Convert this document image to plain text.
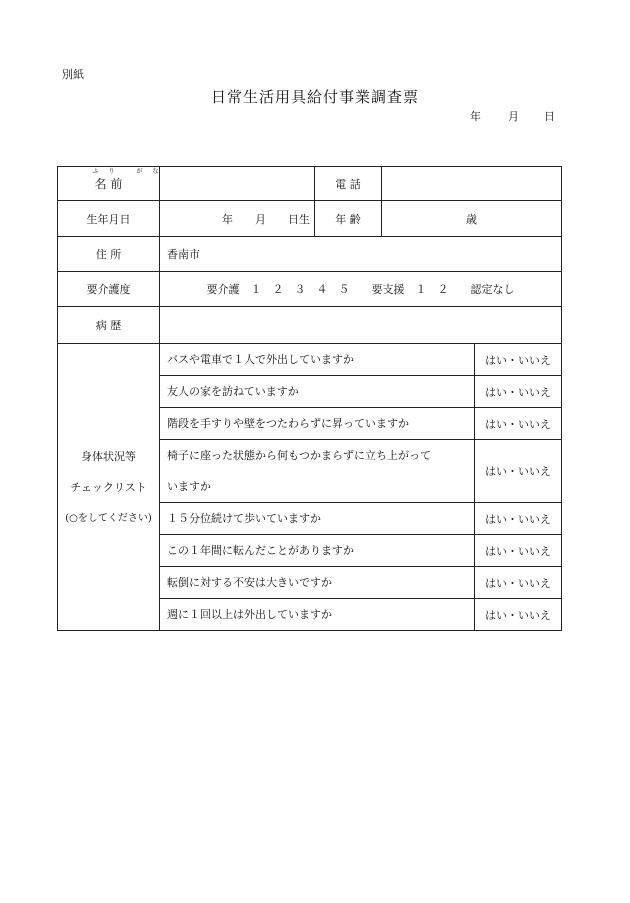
別紙
日常生活用具給付事業調査票
年 月 日
ふり がな
名 前		電 話		
生年月日	年　　月　　日生	年 齢	歳	
住 所	香南市			
要介護度	要介護　１　２　３　４　５　　要支援　１　２　　認定なし			
病 歴				

身体状況等
チェックリスト
(○をしてください)	バスや電車で１人で外出していますか			はい・いいえ
	友人の家を訪ねていますか			はい・いいえ
	階段を手すりや壁をつたわらずに昇っていますか			はい・いいえ

	椅子に座った状態から何もつかまらずに立ち上がって
いますか			はい・いいえ
	１５分位続けて歩いていますか			はい・いいえ
	この１年間に転んだことがありますか			はい・いいえ
	転倒に対する不安は大きいですか			はい・いいえ
	週に１回以上は外出していますか			はい・いいえ
